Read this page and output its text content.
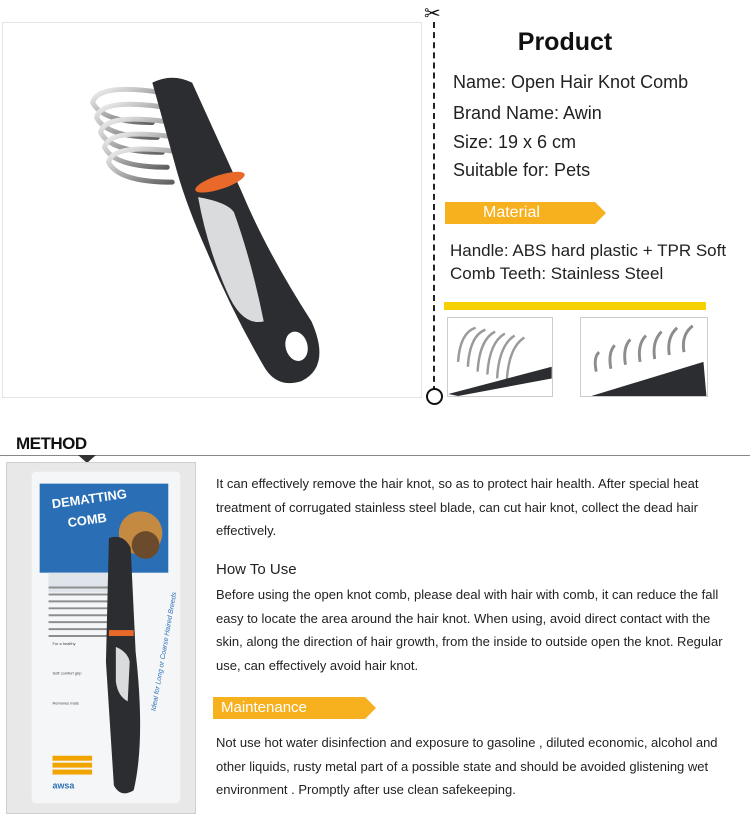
✂
Product
Name: Open Hair Knot Comb
Brand Name: Awin
Size: 19 x 6 cm
Suitable for: Pets
Material
Handle: ABS hard plastic + TPR Soft
Comb Teeth: Stainless Steel
METHOD
DEMATTING
COMB
For a healthy
Soft comfort grip
Removes mats	Ideal for Long or Coarse Haired Breeds
awsa
It can effectively remove the hair knot, so as to protect hair health. After special heat treatment of corrugated stainless steel blade, can cut hair knot, collect the dead hair effectively.
How To Use
Before using the open knot comb, please deal with hair with comb, it can reduce the fall easy to locate the area around the hair knot. When using, avoid direct contact with the skin, along the direction of hair growth, from the inside to outside open the knot. Regular use, can effectively avoid hair knot.
Maintenance
Not use hot water disinfection and exposure to gasoline , diluted economic, alcohol and other liquids, rusty metal part of a possible state and should be avoided glistening wet environment . Promptly after use clean safekeeping.
